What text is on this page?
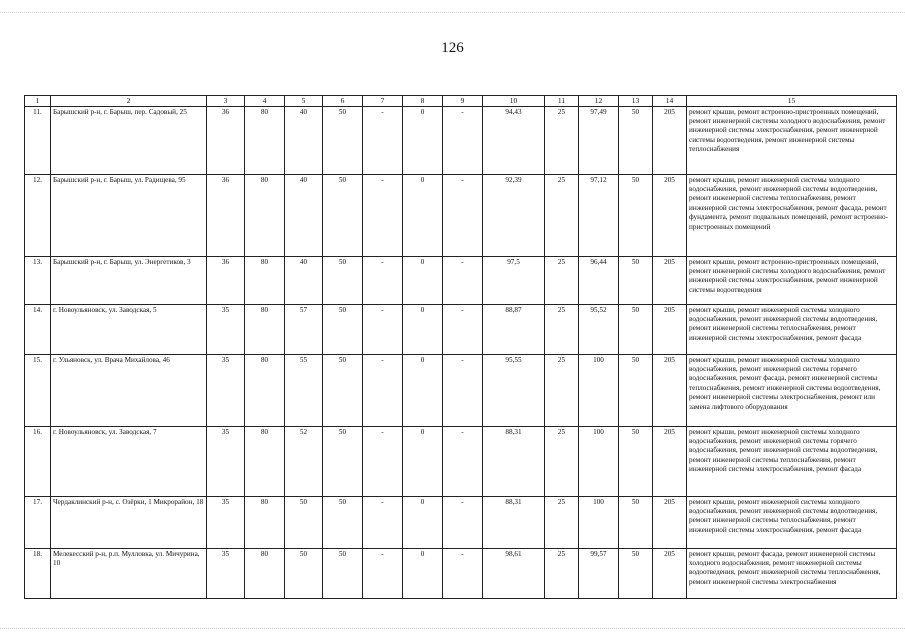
126
1	2	3	4	5	6	7	8	9	10	11	12	13	14	15
11.	Барышский р-н, г. Барыш, пер. Садовый, 25	36	80	40	50	-	0	-	94,43	25	97,49	50	205	ремонт крыши, ремонт встроенно-пристроенных помещений, ремонт инженерной системы холодного водоснабжения, ремонт инженерной системы электроснабжения, ремонт инженерной системы водоотведения, ремонт инженерной системы теплоснабжения
12.	Барышский р-н, г. Барыш, ул. Радищева, 95	36	80	40	50	-	0	-	92,39	25	97,12	50	205	ремонт крыши, ремонт инженерной системы холодного водоснабжения, ремонт инженерной системы водоотведения, ремонт инженерной системы теплоснабжения, ремонт инженерной системы электроснабжения, ремонт фасада, ремонт фундамента, ремонт подвальных помещений, ремонт встроенно-пристроенных помещений
13.	Барышский р-н, г. Барыш, ул. Энергетиков, 3	36	80	40	50	-	0	-	97,5	25	96,44	50	205	ремонт крыши, ремонт встроенно-пристроенных помещений, ремонт инженерной системы холодного водоснабжения, ремонт инженерной системы электроснабжения, ремонт инженерной системы водоотведения
14.	г. Новоульяновск, ул. Заводская, 5	35	80	57	50	-	0	-	88,87	25	95,52	50	205	ремонт крыши, ремонт инженерной системы холодного водоснабжения, ремонт инженерной системы водоотведения, ремонт инженерной системы теплоснабжения, ремонт инженерной системы электроснабжения, ремонт фасада
15.	г. Ульяновск, ул. Врача Михайлова, 46	35	80	55	50	-	0	-	95,55	25	100	50	205	ремонт крыши, ремонт инженерной системы холодного водоснабжения, ремонт инженерной системы горячего водоснабжения, ремонт фасада, ремонт инженерной системы теплоснабжения, ремонт инженерной системы водоотведения, ремонт инженерной системы электроснабжения, ремонт или замена лифтового оборудования
16.	г. Новоульяновск, ул. Заводская, 7	35	80	52	50	-	0	-	88,31	25	100	50	205	ремонт крыши, ремонт инженерной системы холодного водоснабжения, ремонт инженерной системы горячего водоснабжения, ремонт инженерной системы водоотведения, ремонт инженерной системы теплоснабжения, ремонт инженерной системы электроснабжения, ремонт фасада
17.	Чердаклинский р-н, с. Озёрки, 1 Микрорайон, 18	35	80	50	50	-	0	-	88,31	25	100	50	205	ремонт крыши, ремонт инженерной системы холодного водоснабжения, ремонт инженерной системы водоотведения, ремонт инженерной системы теплоснабжения, ремонт инженерной системы электроснабжения, ремонт фасада
18.	Мелекесский р-н, р.п. Мулловка, ул. Мичурина, 10	35	80	50	50	-	0	-	98,61	25	99,57	50	205	ремонт крыши, ремонт фасада, ремонт инженерной системы холодного водоснабжения, ремонт инженерной системы водоотведения, ремонт инженерной системы теплоснабжения, ремонт инженерной системы электроснабжения
